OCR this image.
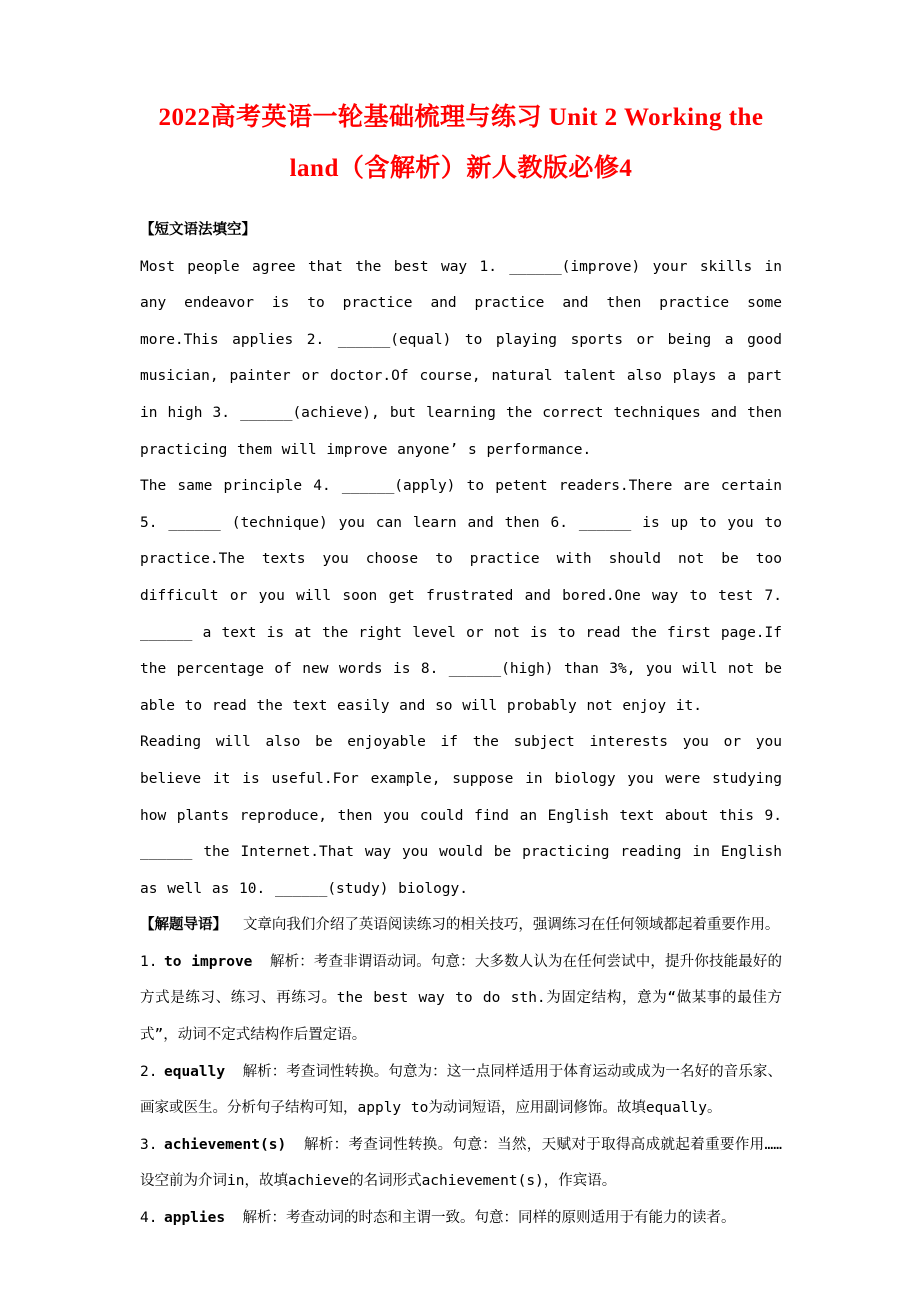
2022高考英语一轮基础梳理与练习 Unit 2 Working the land（含解析）新人教版必修4

【短文语法填空】

Most people agree that the best way 1. ______(improve) your skills in any endeavor is to practice and practice and then practice some more.This applies 2. ______(equal) to playing sports or being a good musician, painter or doctor.Of course, natural talent also plays a part in high 3. ______(achieve), but learning the correct techniques and then practicing them will improve anyone’ s performance.

The same principle 4. ______(apply) to petent readers.There are certain 5. ______ (technique) you can learn and then 6. ______ is up to you to practice.The texts you choose to practice with should not be too difficult or you will soon get frustrated and bored.One way to test 7. ______ a text is at the right level or not is to read the first page.If the percentage of new words is 8. ______(high) than 3%, you will not be able to read the text easily and so will probably not enjoy it.

Reading will also be enjoyable if the subject interests you or you believe it is useful.For example, suppose in biology you were studying how plants reproduce, then you could find an English text about this 9. ______ the Internet.That way you would be practicing reading in English as well as 10. ______(study) biology.

【解题导语】 文章向我们介绍了英语阅读练习的相关技巧，强调练习在任何领域都起着重要作用。

1. to improve 解析：考查非谓语动词。句意：大多数人认为在任何尝试中，提升你技能最好的方式是练习、练习、再练习。the best way to do sth.为固定结构，意为“做某事的最佳方式”，动词不定式结构作后置定语。

2. equally 解析：考查词性转换。句意为：这一点同样适用于体育运动或成为一名好的音乐家、画家或医生。分析句子结构可知，apply to为动词短语，应用副词修饰。故填equally。

3. achievement(s) 解析：考查词性转换。句意：当然，天赋对于取得高成就起着重要作用……设空前为介词in，故填achieve的名词形式achievement(s)，作宾语。

4. applies 解析：考查动词的时态和主谓一致。句意：同样的原则适用于有能力的读者。
